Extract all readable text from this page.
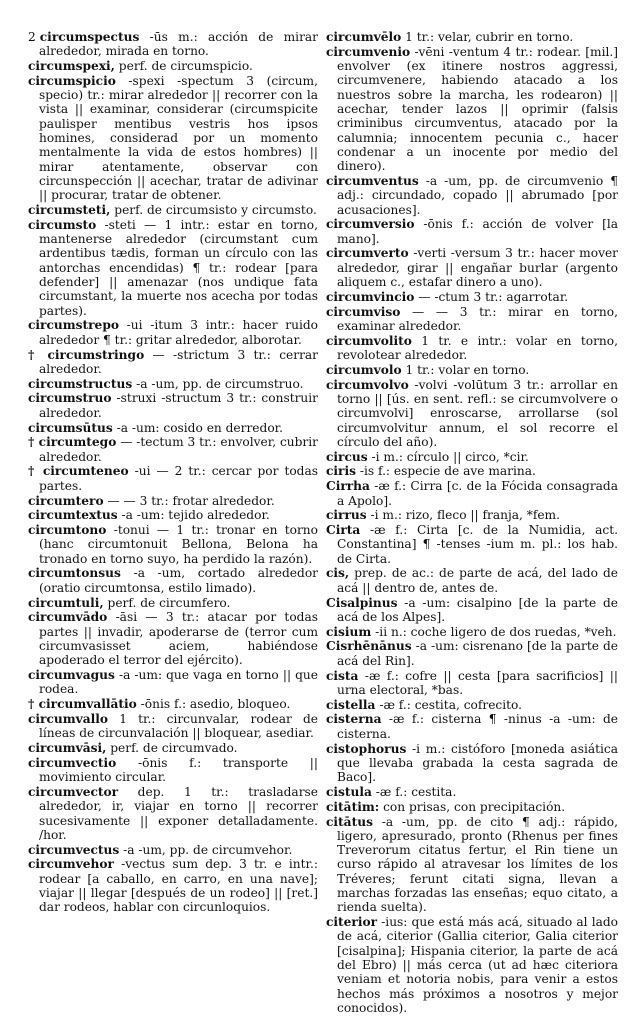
2 circumspectus -ūs m.: acción de mirar alrededor, mirada en torno.
circumspexi, perf. de circumspicio.
circumspicio -spexi -spectum 3 (circum, specio) tr.: mirar alrededor || recorrer con la vista || examinar, considerar (circumspicite paulisper mentibus vestris hos ipsos homines, considerad por un momento mentalmente la vida de estos hombres) || mirar atentamente, observar con circunspección || acechar, tratar de adivinar || procurar, tratar de obtener.
circumsteti, perf. de circumsisto y circumsto.
circumsto -steti — 1 intr.: estar en torno, mantenerse alrededor (circumstant cum ardentibus tædis, forman un círculo con las antorchas encendidas) ¶ tr.: rodear [para defender] || amenazar (nos undique fata circumstant, la muerte nos acecha por todas partes).
circumstrepo -ui -itum 3 intr.: hacer ruido alrededor ¶ tr.: gritar alrededor, alborotar.
† circumstringo — -strictum 3 tr.: cerrar alrededor.
circumstructus -a -um, pp. de circumstruo.
circumstruo -struxi -structum 3 tr.: construir alrededor.
circumsūtus -a -um: cosido en derredor.
† circumtego — -tectum 3 tr.: envolver, cubrir alrededor.
† circumteneo -ui — 2 tr.: cercar por todas partes.
circumtero — — 3 tr.: frotar alrededor.
circumtextus -a -um: tejido alrededor.
circumtono -tonui — 1 tr.: tronar en torno (hanc circumtonuit Bellona, Belona ha tronado en torno suyo, ha perdido la razón).
circumtonsus -a -um, cortado alrededor (oratio circumtonsa, estilo limado).
circumtuli, perf. de circumfero.
circumvādo -āsi — 3 tr.: atacar por todas partes || invadir, apoderarse de (terror cum circumvasisset aciem, habiéndose apoderado el terror del ejército).
circumvagus -a -um: que vaga en torno || que rodea.
† circumvallātio -ōnis f.: asedio, bloqueo.
circumvallo 1 tr.: circunvalar, rodear de líneas de circunvalación || bloquear, asediar.
circumvāsi, perf. de circumvado.
circumvectio -ōnis f.: transporte || movimiento circular.
circumvector dep. 1 tr.: trasladarse alrededor, ir, viajar en torno || recorrer sucesivamente || exponer detalladamente. /hor.
circumvectus -a -um, pp. de circumvehor.
circumvehor -vectus sum dep. 3 tr. e intr.: rodear [a caballo, en carro, en una nave]; viajar || llegar [después de un rodeo] || [ret.] dar rodeos, hablar con circunloquios.
circumvēlo 1 tr.: velar, cubrir en torno.
circumvenio -vēni -ventum 4 tr.: rodear. [mil.] envolver (ex itinere nostros aggressi, circumvenere, habiendo atacado a los nuestros sobre la marcha, les rodearon) || acechar, tender lazos || oprimir (falsis criminibus circumventus, atacado por la calumnia; innocentem pecunia c., hacer condenar a un inocente por medio del dinero).
circumventus -a -um, pp. de circumvenio ¶ adj.: circundado, copado || abrumado [por acusaciones].
circumversio -ōnis f.: acción de volver [la mano].
circumverto -verti -versum 3 tr.: hacer mover alrededor, girar || engañar burlar (argento aliquem c., estafar dinero a uno).
circumvincio — -ctum 3 tr.: agarrotar.
circumviso — — 3 tr.: mirar en torno, examinar alrededor.
circumvolito 1 tr. e intr.: volar en torno, revolotear alrededor.
circumvolo 1 tr.: volar en torno.
circumvolvo -volvi -volūtum 3 tr.: arrollar en torno || [ús. en sent. refl.: se circumvolvere o circumvolvi] enroscarse, arrollarse (sol circumvolvitur annum, el sol recorre el círculo del año).
circus -i m.: círculo || circo, *cir.
ciris -is f.: especie de ave marina.
Cirrha -æ f.: Cirra [c. de la Fócida consagrada a Apolo].
cirrus -i m.: rizo, fleco || franja, *fem.
Cirta -æ f.: Cirta [c. de la Numidia, act. Constantina] ¶ -tenses -ium m. pl.: los hab. de Cirta.
cis, prep. de ac.: de parte de acá, del lado de acá || dentro de, antes de.
Cisalpinus -a -um: cisalpino [de la parte de acá de los Alpes].
cisium -ii n.: coche ligero de dos ruedas, *veh.
Cisrhēnānus -a -um: cisrenano [de la parte de acá del Rin].
cista -æ f.: cofre || cesta [para sacrificios] || urna electoral, *bas.
cistella -æ f.: cestita, cofrecito.
cisterna -æ f.: cisterna ¶ -ninus -a -um: de cisterna.
cistophorus -i m.: cistóforo [moneda asiática que llevaba grabada la cesta sagrada de Baco].
cistula -æ f.: cestita.
citātim: con prisas, con precipitación.
citātus -a -um, pp. de cito ¶ adj.: rápido, ligero, apresurado, pronto (Rhenus per fines Treverorum citatus fertur, el Rin tiene un curso rápido al atravesar los límites de los Tréveres; ferunt citati signa, llevan a marchas forzadas las enseñas; equo citato, a rienda suelta).
citerior -ius: que está más acá, situado al lado de acá, citerior (Gallia citerior, Galia citerior [cisalpina]; Hispania citerior, la parte de acá del Ebro) || más cerca (ut ad hæc citeriora veniam et notoria nobis, para venir a estos hechos más próximos a nosotros y mejor conocidos).
